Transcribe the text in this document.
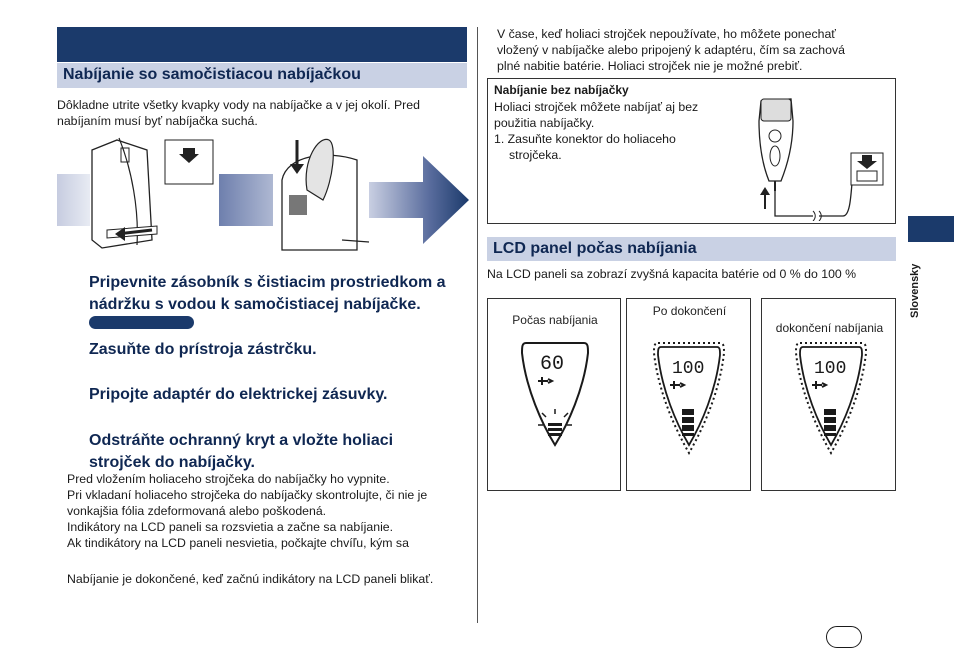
Nabíjanie so samočistiacou nabíjačkou
Dôkladne utrite všetky kvapky vody na nabíjačke a v jej okolí. Pred nabíjaním musí byť nabíjačka suchá.
Pripevnite zásobník s čistiacim prostriedkom a nádržku s vodou k samočistiacej nabíjačke.
Zasuňte do prístroja zástrčku.
Pripojte adaptér do elektrickej zásuvky.
Odstráňte ochranný kryt a vložte holiaci strojček do nabíjačky.
Pred vložením holiaceho strojčeka do nabíjačky ho vypnite.
Pri vkladaní holiaceho strojčeka do nabíjačky skontrolujte, či nie je
vonkajšia fólia zdeformovaná alebo poškodená.
Indikátory na LCD paneli sa rozsvietia a začne sa nabíjanie.
Ak tindikátory na LCD paneli nesvietia, počkajte chvíľu, kým sa
Nabíjanie je dokončené, keď začnú indikátory na LCD paneli blikať.
V čase, keď holiaci strojček nepoužívate, ho môžete ponechať
vložený v nabíjačke alebo pripojený k adaptéru, čím sa zachová
plné nabitie batérie. Holiaci strojček nie je možné prebiť.
Nabíjanie bez nabíjačky
Holiaci strojček môžete nabíjať aj bez
použitia nabíjačky.
1. Zasuňte konektor do holiaceho
strojčeka.
LCD panel počas nabíjania
Na LCD paneli sa zobrazí zvyšná kapacita batérie od 0 % do 100 %
Počas nabíjania
60
Po dokončení
100
dokončení nabíjania
100
Slovensky
